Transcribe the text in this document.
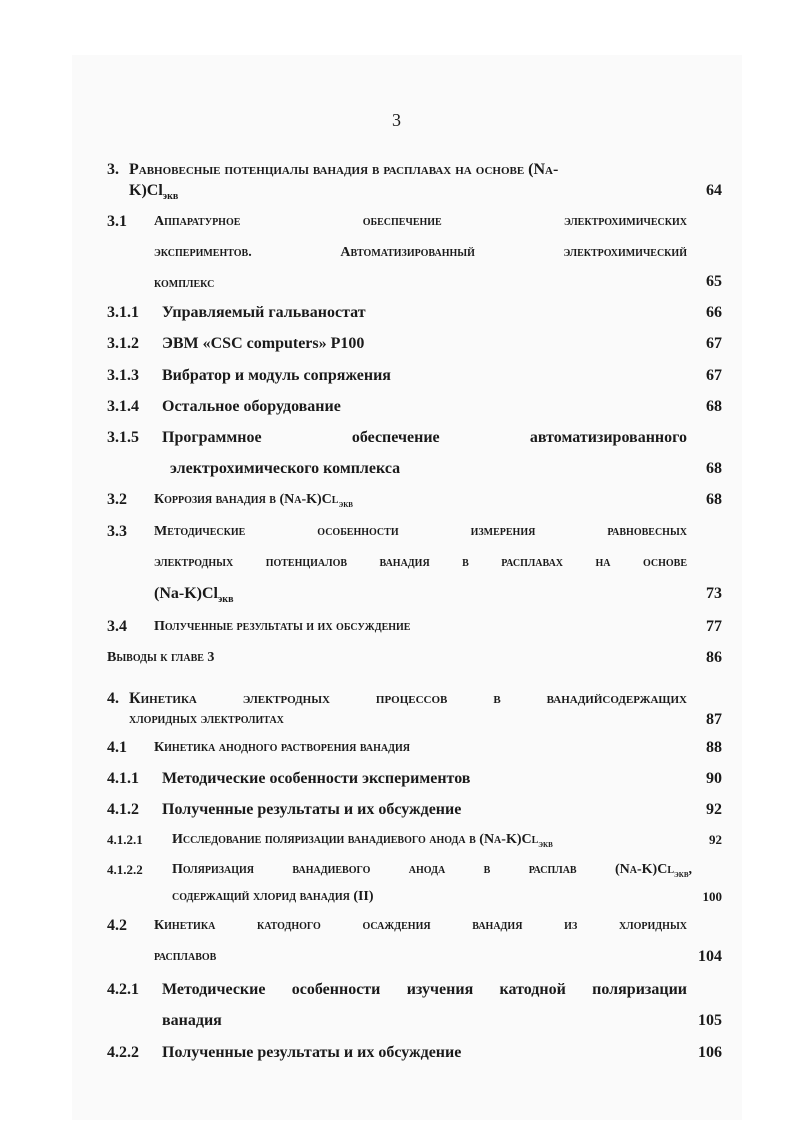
3
3. Равновесные потенциалы ванадия в расплавах на основе (Na-
$K)Cl_{экв}$	64
3.1 Аппаратурное обеспечение электрохимических
экспериментов. Автоматизированный электрохимический
комплекс	65
3.1.1 Управляемый гальваностат	66
3.1.2 ЭВМ «CSC computers» P100	67
3.1.3 Вибратор и модуль сопряжения	67
3.1.4 Остальное оборудование	68
3.1.5 Программное обеспечение автоматизированного
электрохимического комплекса	68
3.2 Коррозия ванадия в $(Na-K)Cl_{экв}$	68
3.3 Методические особенности измерения равновесных
электродных потенциалов ванадия в расплавах на основе
$(Na-K)Cl_{экв}$	73
3.4 Полученные результаты и их обсуждение	77
Выводы к главе 3	86
4. Кинетика электродных процессов в ванадийсодержащих
хлоридных электролитах	87
4.1 Кинетика анодного растворения ванадия	88
4.1.1 Методические особенности экспериментов	90
4.1.2 Полученные результаты и их обсуждение	92
4.1.2.1 Исследование поляризации ванадиевого анода в $(Na-K)Cl_{экв}$	92
4.1.2.2 Поляризация ванадиевого анода в расплав $(Na-K)Cl_{экв}$,
содержащий хлорид ванадия (II)	100
4.2 Кинетика катодного осаждения ванадия из хлоридных
расплавов	104
4.2.1 Методические особенности изучения катодной поляризации
ванадия	105
4.2.2 Полученные результаты и их обсуждение	106
